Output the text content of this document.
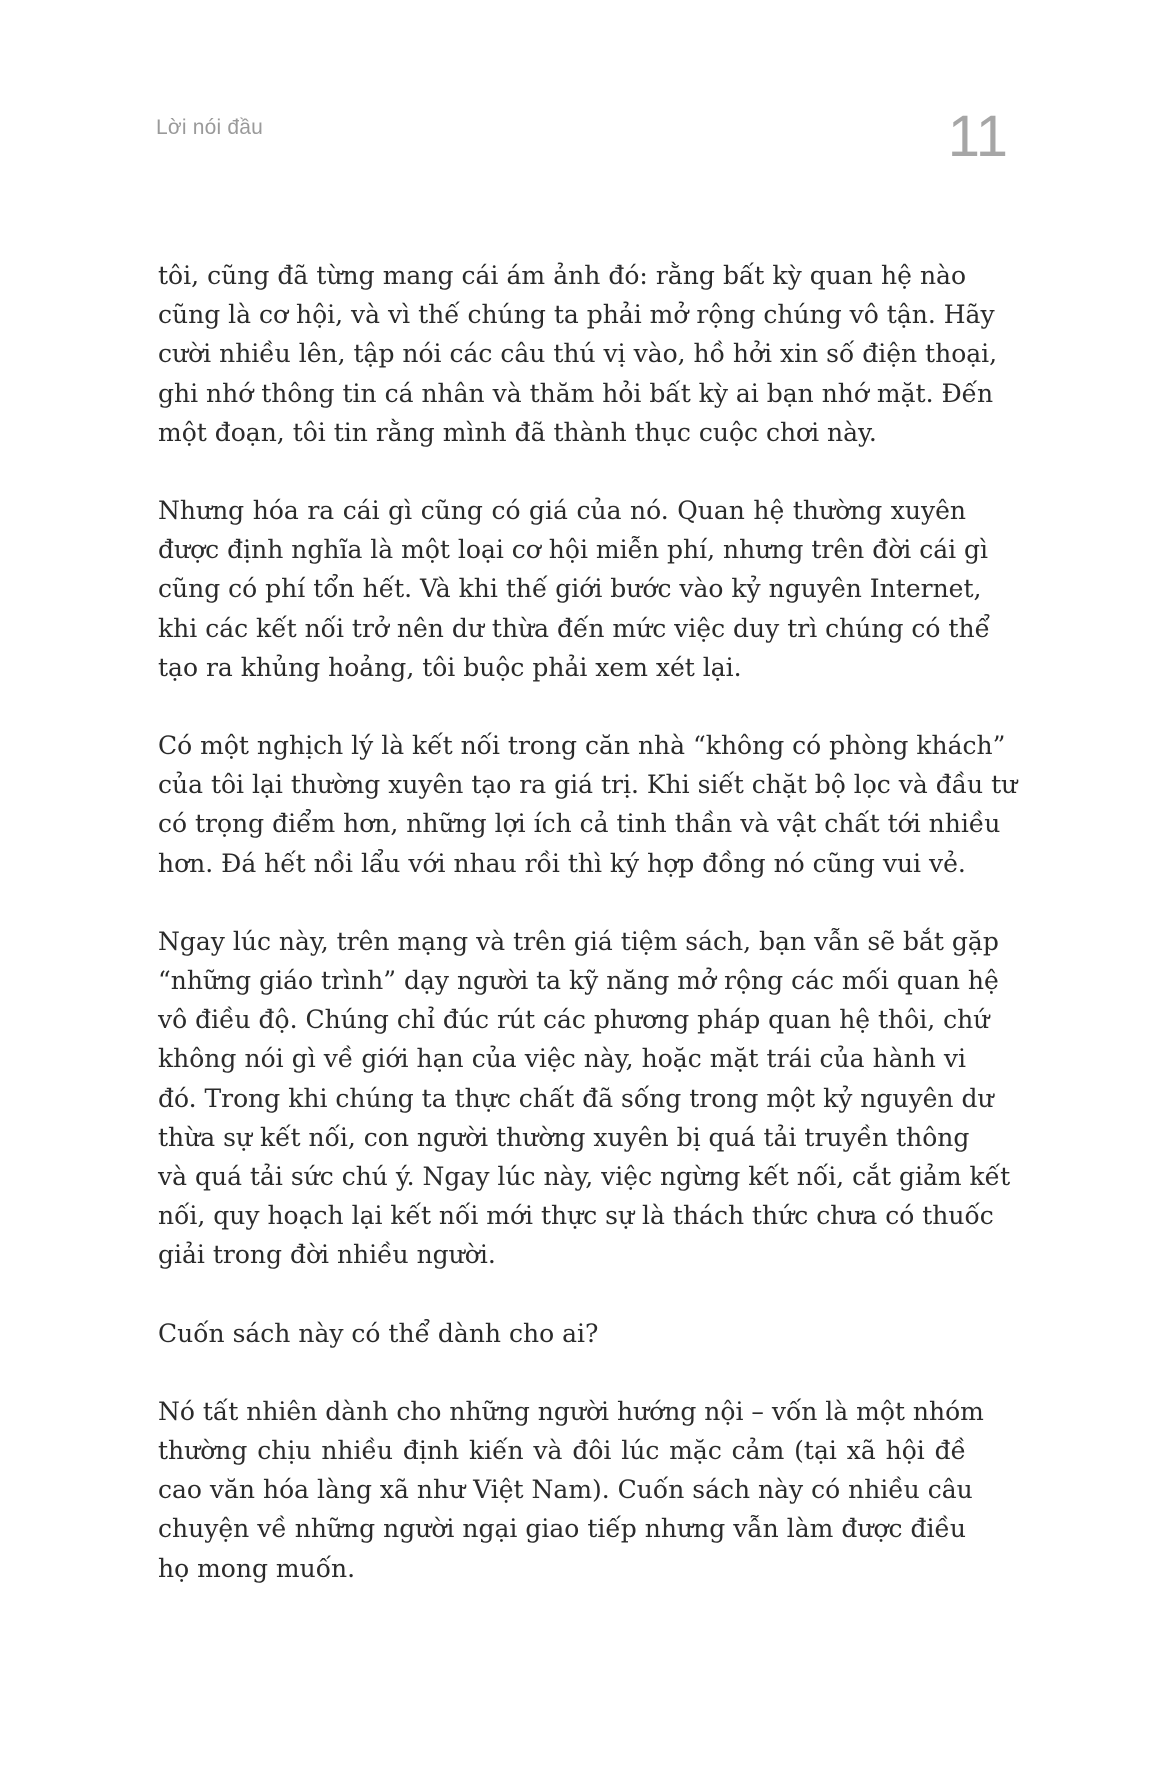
Lời nói đầu	11

tôi, cũng đã từng mang cái ám ảnh đó: rằng bất kỳ quan hệ nào
cũng là cơ hội, và vì thế chúng ta phải mở rộng chúng vô tận. Hãy
cười nhiều lên, tập nói các câu thú vị vào, hồ hởi xin số điện thoại,
ghi nhớ thông tin cá nhân và thăm hỏi bất kỳ ai bạn nhớ mặt. Đến
một đoạn, tôi tin rằng mình đã thành thục cuộc chơi này.

Nhưng hóa ra cái gì cũng có giá của nó. Quan hệ thường xuyên
được định nghĩa là một loại cơ hội miễn phí, nhưng trên đời cái gì
cũng có phí tổn hết. Và khi thế giới bước vào kỷ nguyên Internet,
khi các kết nối trở nên dư thừa đến mức việc duy trì chúng có thể
tạo ra khủng hoảng, tôi buộc phải xem xét lại.

Có một nghịch lý là kết nối trong căn nhà “không có phòng khách”
của tôi lại thường xuyên tạo ra giá trị. Khi siết chặt bộ lọc và đầu tư
có trọng điểm hơn, những lợi ích cả tinh thần và vật chất tới nhiều
hơn. Đá hết nồi lẩu với nhau rồi thì ký hợp đồng nó cũng vui vẻ.

Ngay lúc này, trên mạng và trên giá tiệm sách, bạn vẫn sẽ bắt gặp
“những giáo trình” dạy người ta kỹ năng mở rộng các mối quan hệ
vô điều độ. Chúng chỉ đúc rút các phương pháp quan hệ thôi, chứ
không nói gì về giới hạn của việc này, hoặc mặt trái của hành vi
đó. Trong khi chúng ta thực chất đã sống trong một kỷ nguyên dư
thừa sự kết nối, con người thường xuyên bị quá tải truyền thông
và quá tải sức chú ý. Ngay lúc này, việc ngừng kết nối, cắt giảm kết
nối, quy hoạch lại kết nối mới thực sự là thách thức chưa có thuốc
giải trong đời nhiều người.

Cuốn sách này có thể dành cho ai?

Nó tất nhiên dành cho những người hướng nội – vốn là một nhóm
thường chịu nhiều định kiến và đôi lúc mặc cảm (tại xã hội đề
cao văn hóa làng xã như Việt Nam). Cuốn sách này có nhiều câu
chuyện về những người ngại giao tiếp nhưng vẫn làm được điều
họ mong muốn.
